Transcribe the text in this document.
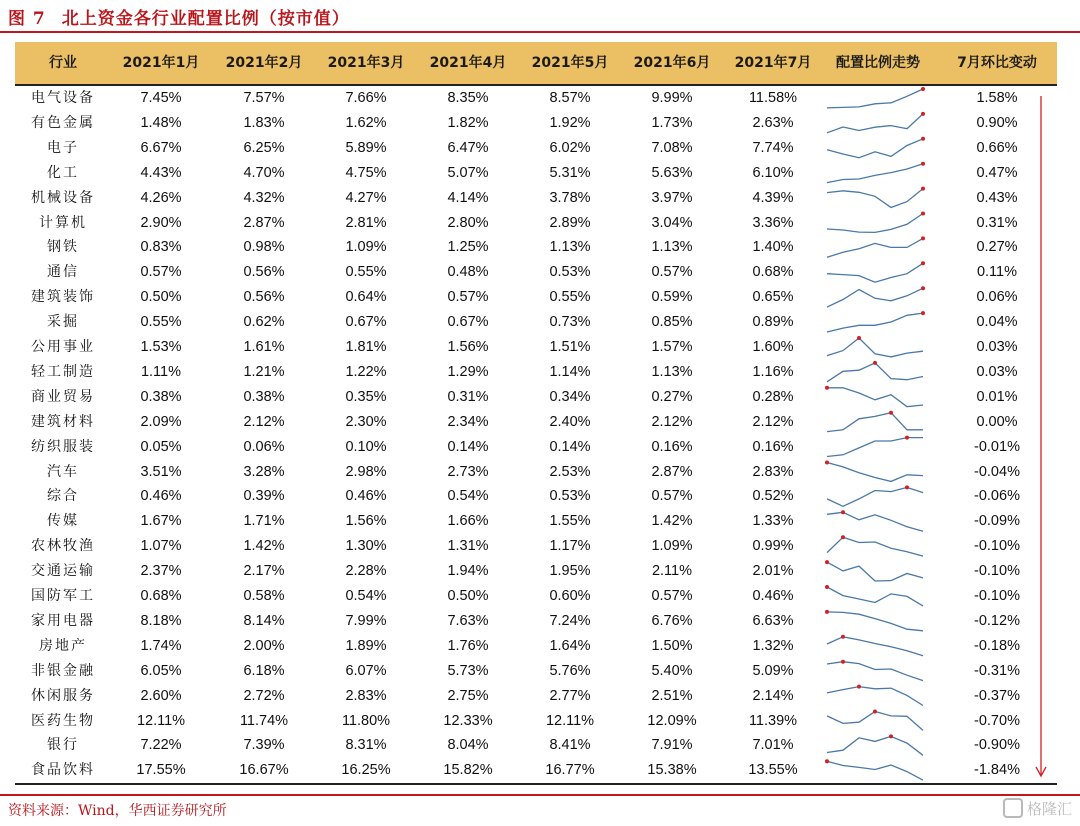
图 7 北上资金各行业配置比例（按市值）
行业	2021年1月	2021年2月	2021年3月	2021年4月	2021年5月	2021年6月	2021年7月	配置比例走势	7月环比变动
电气设备	7.45%	7.57%	7.66%	8.35%	8.57%	9.99%	11.58%	1.58%
有色金属	1.48%	1.83%	1.62%	1.82%	1.92%	1.73%	2.63%	0.90%
电子	6.67%	6.25%	5.89%	6.47%	6.02%	7.08%	7.74%	0.66%
化工	4.43%	4.70%	4.75%	5.07%	5.31%	5.63%	6.10%	0.47%
机械设备	4.26%	4.32%	4.27%	4.14%	3.78%	3.97%	4.39%	0.43%
计算机	2.90%	2.87%	2.81%	2.80%	2.89%	3.04%	3.36%	0.31%
钢铁	0.83%	0.98%	1.09%	1.25%	1.13%	1.13%	1.40%	0.27%
通信	0.57%	0.56%	0.55%	0.48%	0.53%	0.57%	0.68%	0.11%
建筑装饰	0.50%	0.56%	0.64%	0.57%	0.55%	0.59%	0.65%	0.06%
采掘	0.55%	0.62%	0.67%	0.67%	0.73%	0.85%	0.89%	0.04%
公用事业	1.53%	1.61%	1.81%	1.56%	1.51%	1.57%	1.60%	0.03%
轻工制造	1.11%	1.21%	1.22%	1.29%	1.14%	1.13%	1.16%	0.03%
商业贸易	0.38%	0.38%	0.35%	0.31%	0.34%	0.27%	0.28%	0.01%
建筑材料	2.09%	2.12%	2.30%	2.34%	2.40%	2.12%	2.12%	0.00%
纺织服装	0.05%	0.06%	0.10%	0.14%	0.14%	0.16%	0.16%	-0.01%
汽车	3.51%	3.28%	2.98%	2.73%	2.53%	2.87%	2.83%	-0.04%
综合	0.46%	0.39%	0.46%	0.54%	0.53%	0.57%	0.52%	-0.06%
传媒	1.67%	1.71%	1.56%	1.66%	1.55%	1.42%	1.33%	-0.09%
农林牧渔	1.07%	1.42%	1.30%	1.31%	1.17%	1.09%	0.99%	-0.10%
交通运输	2.37%	2.17%	2.28%	1.94%	1.95%	2.11%	2.01%	-0.10%
国防军工	0.68%	0.58%	0.54%	0.50%	0.60%	0.57%	0.46%	-0.10%
家用电器	8.18%	8.14%	7.99%	7.63%	7.24%	6.76%	6.63%	-0.12%
房地产	1.74%	2.00%	1.89%	1.76%	1.64%	1.50%	1.32%	-0.18%
非银金融	6.05%	6.18%	6.07%	5.73%	5.76%	5.40%	5.09%	-0.31%
休闲服务	2.60%	2.72%	2.83%	2.75%	2.77%	2.51%	2.14%	-0.37%
医药生物	12.11%	11.74%	11.80%	12.33%	12.11%	12.09%	11.39%	-0.70%
银行	7.22%	7.39%	8.31%	8.04%	8.41%	7.91%	7.01%	-0.90%
食品饮料	17.55%	16.67%	16.25%	15.82%	16.77%	15.38%	13.55%	-1.84%
资料来源：Wind，华西证券研究所	格隆汇
